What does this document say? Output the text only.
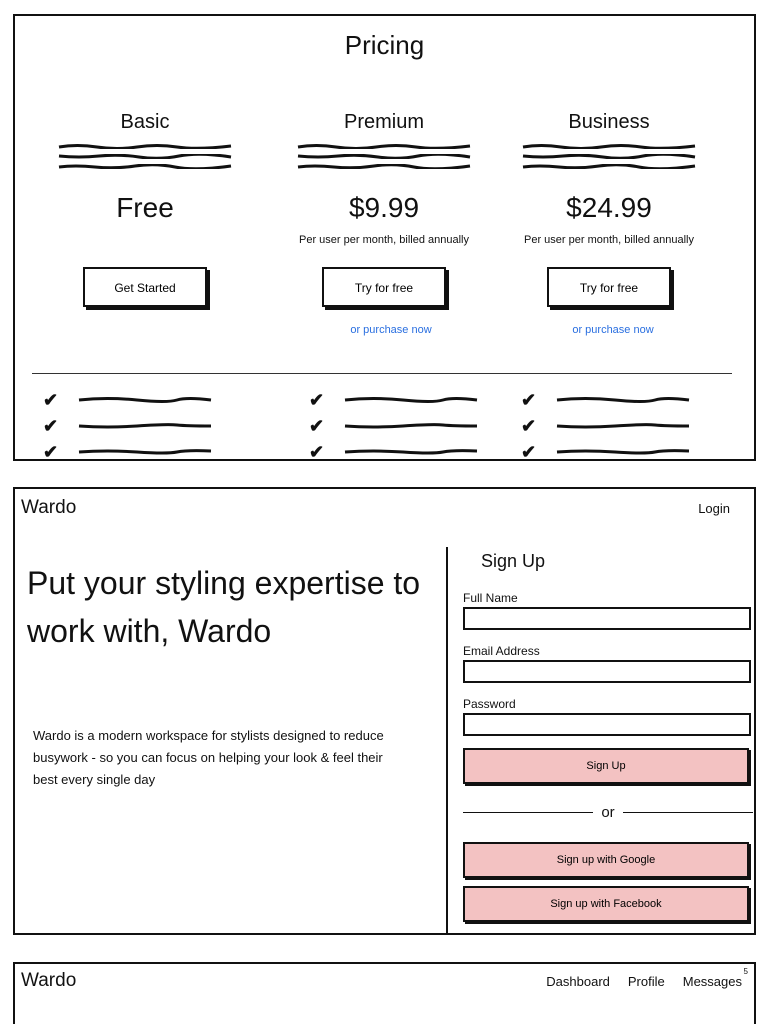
Pricing
Basic
Free
Get Started
Premium
$9.99
Per user per month, billed annually
Try for free
or purchase now
Business
$24.99
Per user per month, billed annually
Try for free
or purchase now
✔
✔
✔
✔
✔
✔
✔
✔
✔
Wardo	Login
Put your styling expertise to work with, Wardo
Wardo is a modern workspace for stylists designed to reduce busywork - so you can focus on helping your look & feel their best every single day
Sign Up
Full Name
Email Address
Password
Sign Up
or
Sign up with Google
Sign up with Facebook
Wardo	Dashboard Profile Messages
5
